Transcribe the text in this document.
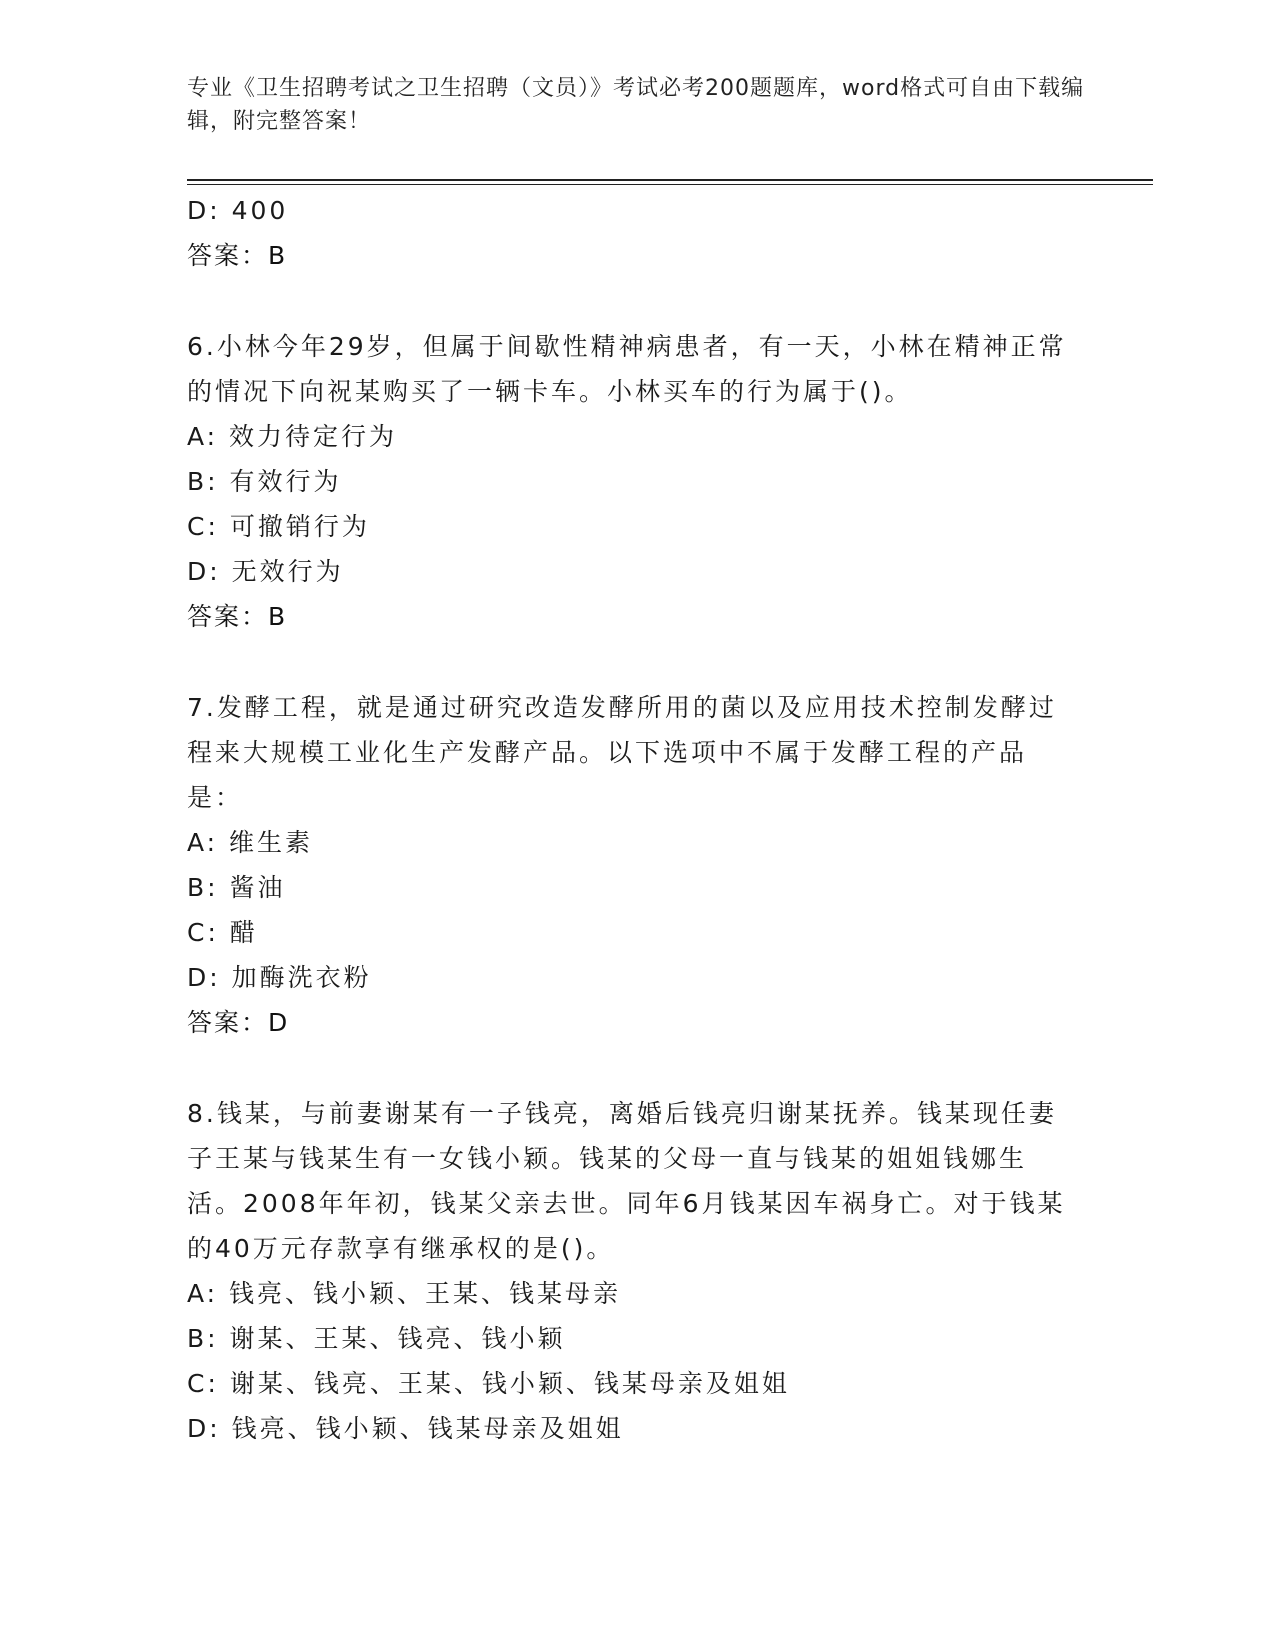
专业《卫生招聘考试之卫生招聘（文员）》考试必考200题题库，word格式可自由下载编辑，附完整答案！
D: 400
答案：B
6.小林今年29岁，但属于间歇性精神病患者，有一天，小林在精神正常的情况下向祝某购买了一辆卡车。小林买车的行为属于()。
A: 效力待定行为
B: 有效行为
C: 可撤销行为
D: 无效行为
答案：B
7.发酵工程，就是通过研究改造发酵所用的菌以及应用技术控制发酵过程来大规模工业化生产发酵产品。以下选项中不属于发酵工程的产品是：
A: 维生素
B: 酱油
C: 醋
D: 加酶洗衣粉
答案：D
8.钱某，与前妻谢某有一子钱亮，离婚后钱亮归谢某抚养。钱某现任妻子王某与钱某生有一女钱小颖。钱某的父母一直与钱某的姐姐钱娜生活。2008年年初，钱某父亲去世。同年6月钱某因车祸身亡。对于钱某的40万元存款享有继承权的是()。
A: 钱亮、钱小颖、王某、钱某母亲
B: 谢某、王某、钱亮、钱小颖
C: 谢某、钱亮、王某、钱小颖、钱某母亲及姐姐
D: 钱亮、钱小颖、钱某母亲及姐姐
